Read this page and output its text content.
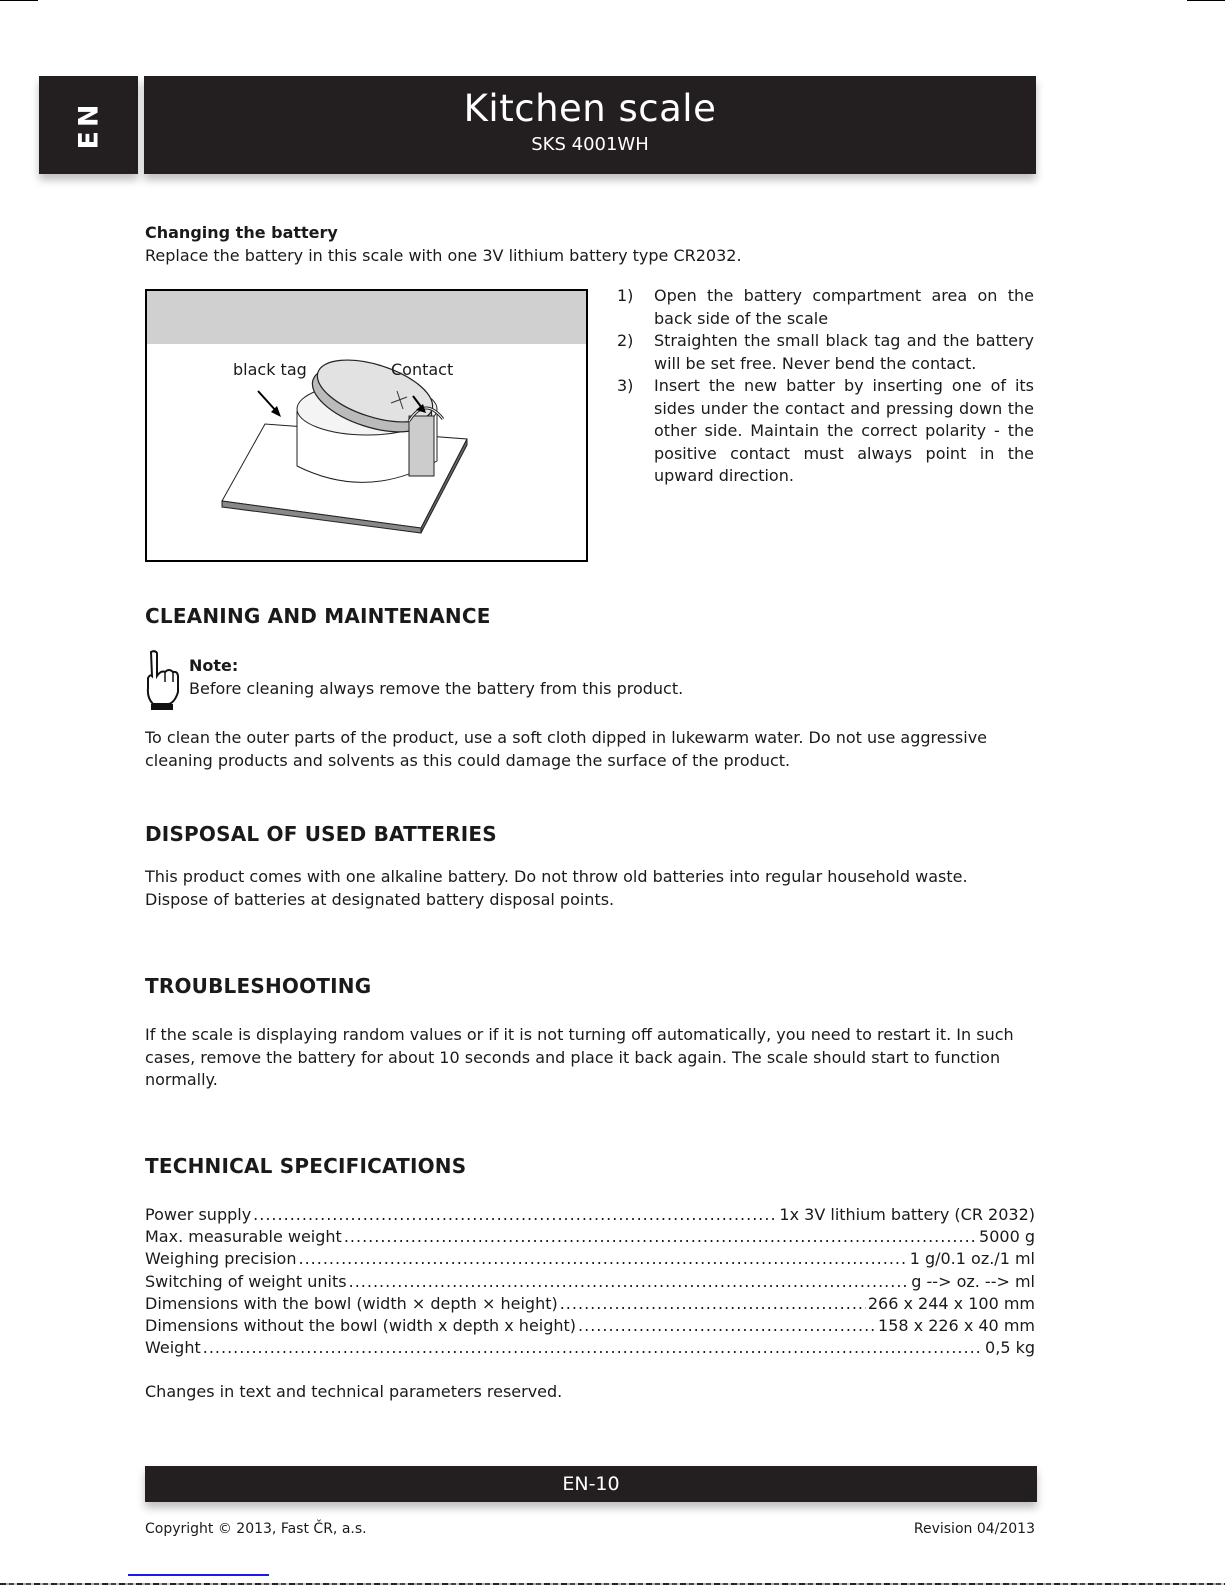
EN	Kitchen scale
SKS 4001WH
Changing the battery
Replace the battery in this scale with one 3V lithium battery type CR2032.
black tag	Contact
1)	Open the battery compartment area on the back side of the scale
2)	Straighten the small black tag and the battery will be set free. Never bend the contact.
3)	Insert the new batter by inserting one of its sides under the contact and pressing down the other side. Maintain the correct polarity - the positive contact must always point in the upward direction.
CLEANING AND MAINTENANCE
Note:
Before cleaning always remove the battery from this product.
To clean the outer parts of the product, use a soft cloth dipped in lukewarm water. Do not use aggressive cleaning products and solvents as this could damage the surface of the product.
DISPOSAL OF USED BATTERIES
This product comes with one alkaline battery. Do not throw old batteries into regular household waste. Dispose of batteries at designated battery disposal points.
TROUBLESHOOTING
If the scale is displaying random values or if it is not turning off automatically, you need to restart it. In such cases, remove the battery for about 10 seconds and place it back again. The scale should start to function normally.
TECHNICAL SPECIFICATIONS
Power supply .....	1x 3V lithium battery (CR 2032)
Max. measurable weight .....	5000 g
Weighing precision .....	1 g/0.1 oz./1 ml
Switching of weight units .....	g --> oz. --> ml
Dimensions with the bowl (width × depth × height) .....	266 x 244 x 100 mm
Dimensions without the bowl (width x depth x height) .....	158 x 226 x 40 mm
Weight .....	0,5 kg
Changes in text and technical parameters reserved.
EN-10
Copyright © 2013, Fast ČR, a.s.	Revision 04/2013
